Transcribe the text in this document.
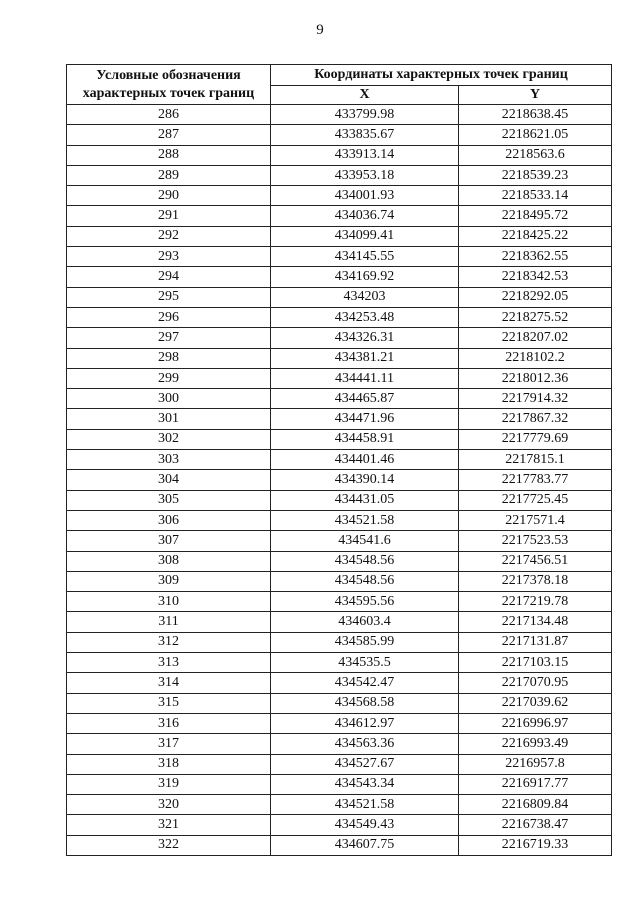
9
Условные обозначения
характерных точек границ	Координаты характерных точек границ	
	X	Y
286	433799.98	2218638.45
287	433835.67	2218621.05
288	433913.14	2218563.6
289	433953.18	2218539.23
290	434001.93	2218533.14
291	434036.74	2218495.72
292	434099.41	2218425.22
293	434145.55	2218362.55
294	434169.92	2218342.53
295	434203	2218292.05
296	434253.48	2218275.52
297	434326.31	2218207.02
298	434381.21	2218102.2
299	434441.11	2218012.36
300	434465.87	2217914.32
301	434471.96	2217867.32
302	434458.91	2217779.69
303	434401.46	2217815.1
304	434390.14	2217783.77
305	434431.05	2217725.45
306	434521.58	2217571.4
307	434541.6	2217523.53
308	434548.56	2217456.51
309	434548.56	2217378.18
310	434595.56	2217219.78
311	434603.4	2217134.48
312	434585.99	2217131.87
313	434535.5	2217103.15
314	434542.47	2217070.95
315	434568.58	2217039.62
316	434612.97	2216996.97
317	434563.36	2216993.49
318	434527.67	2216957.8
319	434543.34	2216917.77
320	434521.58	2216809.84
321	434549.43	2216738.47
322	434607.75	2216719.33
